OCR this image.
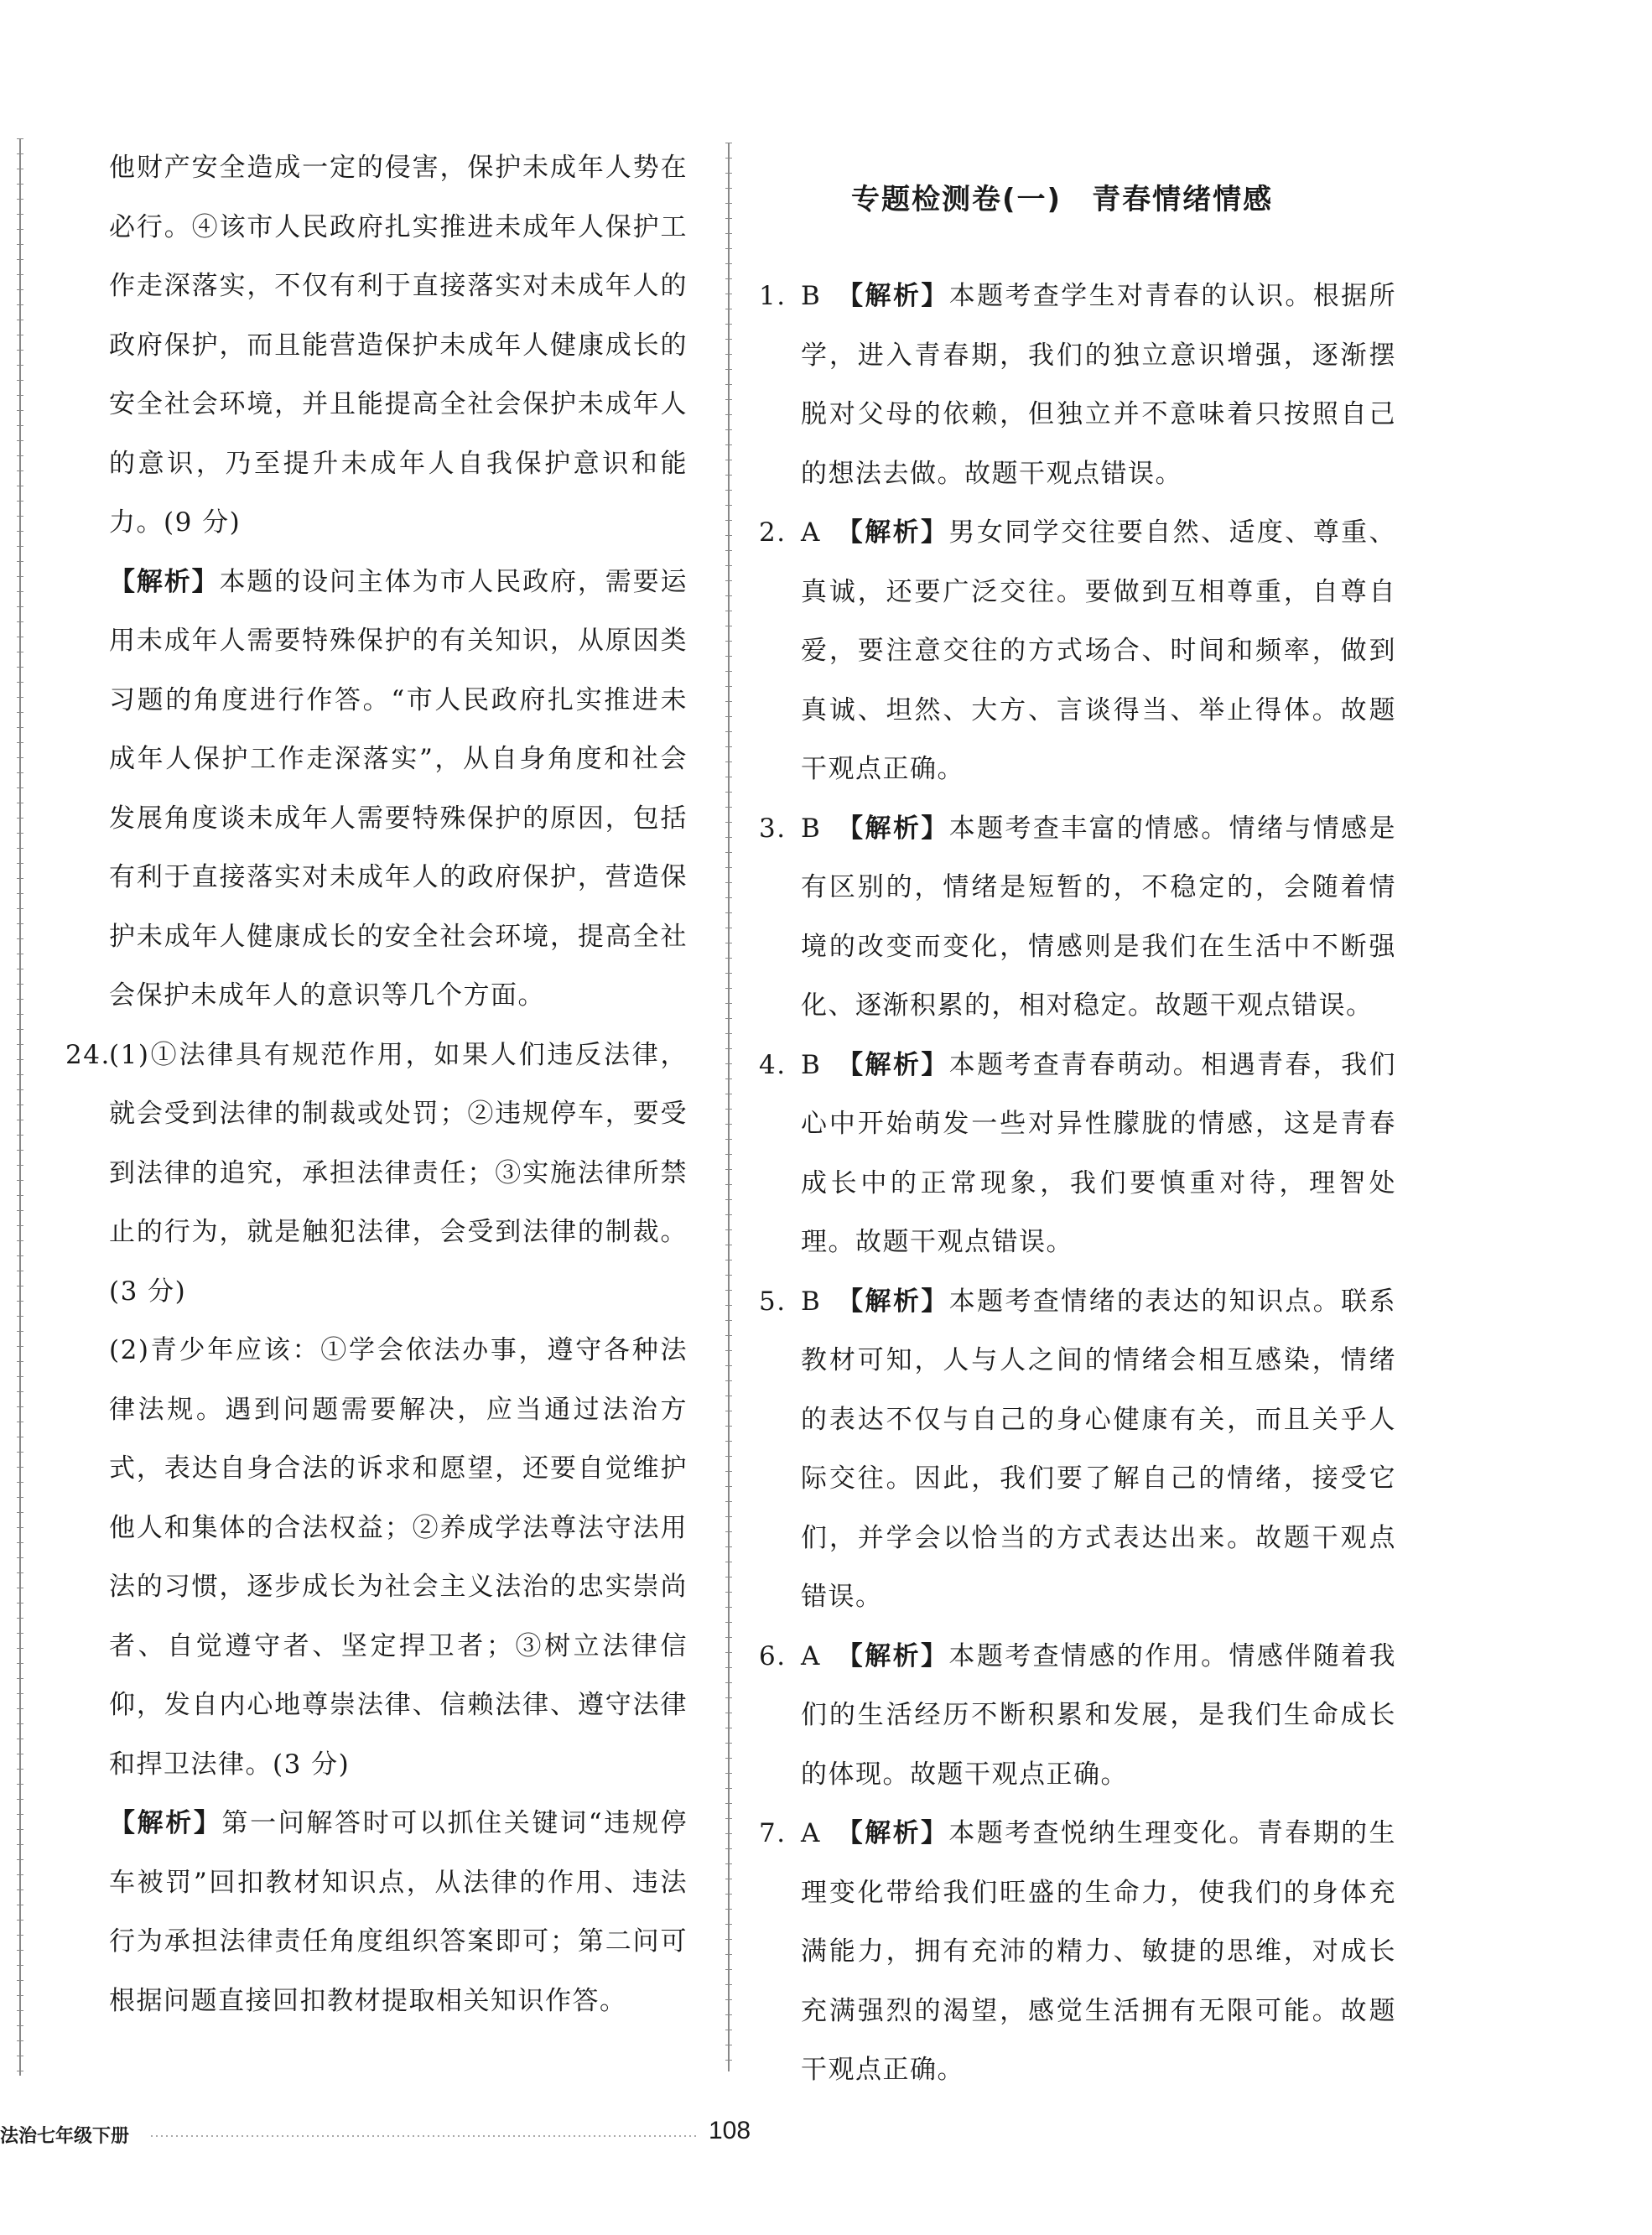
他财产安全造成一定的侵害，保护未成年人势在必行。④该市人民政府扎实推进未成年人保护工作走深落实，不仅有利于直接落实对未成年人的政府保护，而且能营造保护未成年人健康成长的安全社会环境，并且能提高全社会保护未成年人的意识，乃至提升未成年人自我保护意识和能力。(9 分)

【解析】本题的设问主体为市人民政府，需要运用未成年人需要特殊保护的有关知识，从原因类习题的角度进行作答。“市人民政府扎实推进未成年人保护工作走深落实”，从自身角度和社会发展角度谈未成年人需要特殊保护的原因，包括有利于直接落实对未成年人的政府保护，营造保护未成年人健康成长的安全社会环境，提高全社会保护未成年人的意识等几个方面。

24.

(1)①法律具有规范作用，如果人们违反法律，就会受到法律的制裁或处罚；②违规停车，要受到法律的追究，承担法律责任；③实施法律所禁止的行为，就是触犯法律，会受到法律的制裁。(3 分)

(2)青少年应该：①学会依法办事，遵守各种法律法规。遇到问题需要解决，应当通过法治方式，表达自身合法的诉求和愿望，还要自觉维护他人和集体的合法权益；②养成学法尊法守法用法的习惯，逐步成长为社会主义法治的忠实崇尚者、自觉遵守者、坚定捍卫者；③树立法律信仰，发自内心地尊崇法律、信赖法律、遵守法律和捍卫法律。(3 分)

【解析】第一问解答时可以抓住关键词“违规停车被罚”回扣教材知识点，从法律的作用、违法行为承担法律责任角度组织答案即可；第二问可根据问题直接回扣教材提取相关知识作答。

专题检测卷(一)　青春情绪情感
1. B 【解析】本题考查学生对青春的认识。根据所学，进入青春期，我们的独立意识增强，逐渐摆脱对父母的依赖，但独立并不意味着只按照自己的想法去做。故题干观点错误。

2. A 【解析】男女同学交往要自然、适度、尊重、真诚，还要广泛交往。要做到互相尊重，自尊自爱，要注意交往的方式场合、时间和频率，做到真诚、坦然、大方、言谈得当、举止得体。故题干观点正确。

3. B 【解析】本题考查丰富的情感。情绪与情感是有区别的，情绪是短暂的，不稳定的，会随着情境的改变而变化，情感则是我们在生活中不断强化、逐渐积累的，相对稳定。故题干观点错误。

4. B 【解析】本题考查青春萌动。相遇青春，我们心中开始萌发一些对异性朦胧的情感，这是青春成长中的正常现象，我们要慎重对待，理智处理。故题干观点错误。

5. B 【解析】本题考查情绪的表达的知识点。联系教材可知，人与人之间的情绪会相互感染，情绪的表达不仅与自己的身心健康有关，而且关乎人际交往。因此，我们要了解自己的情绪，接受它们，并学会以恰当的方式表达出来。故题干观点错误。

6. A 【解析】本题考查情感的作用。情感伴随着我们的生活经历不断积累和发展，是我们生命成长的体现。故题干观点正确。

7. A 【解析】本题考查悦纳生理变化。青春期的生理变化带给我们旺盛的生命力，使我们的身体充满能力，拥有充沛的精力、敏捷的思维，对成长充满强烈的渴望，感觉生活拥有无限可能。故题干观点正确。

法治七年级下册	108
